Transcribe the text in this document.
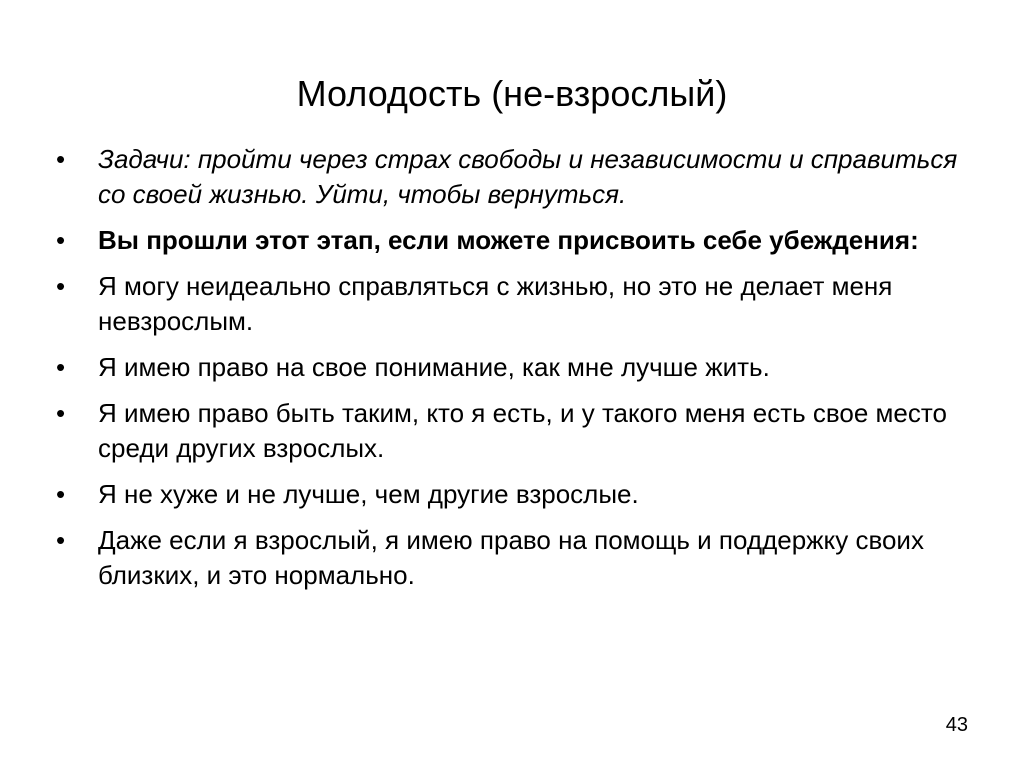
Молодость (не-взрослый)
• Задачи: пройти через страх свободы и независимости и справиться со своей жизнью. Уйти, чтобы вернуться.
• Вы прошли этот этап, если можете присвоить себе убеждения:
• Я могу неидеально справляться с жизнью, но это не делает меня невзрослым.
• Я имею право на свое понимание, как мне лучше жить.
• Я имею право быть таким, кто я есть, и у такого меня есть свое место среди других взрослых.
• Я не хуже и не лучше, чем другие взрослые.
• Даже если я взрослый, я имею право на помощь и поддержку своих близких, и это нормально.
43
